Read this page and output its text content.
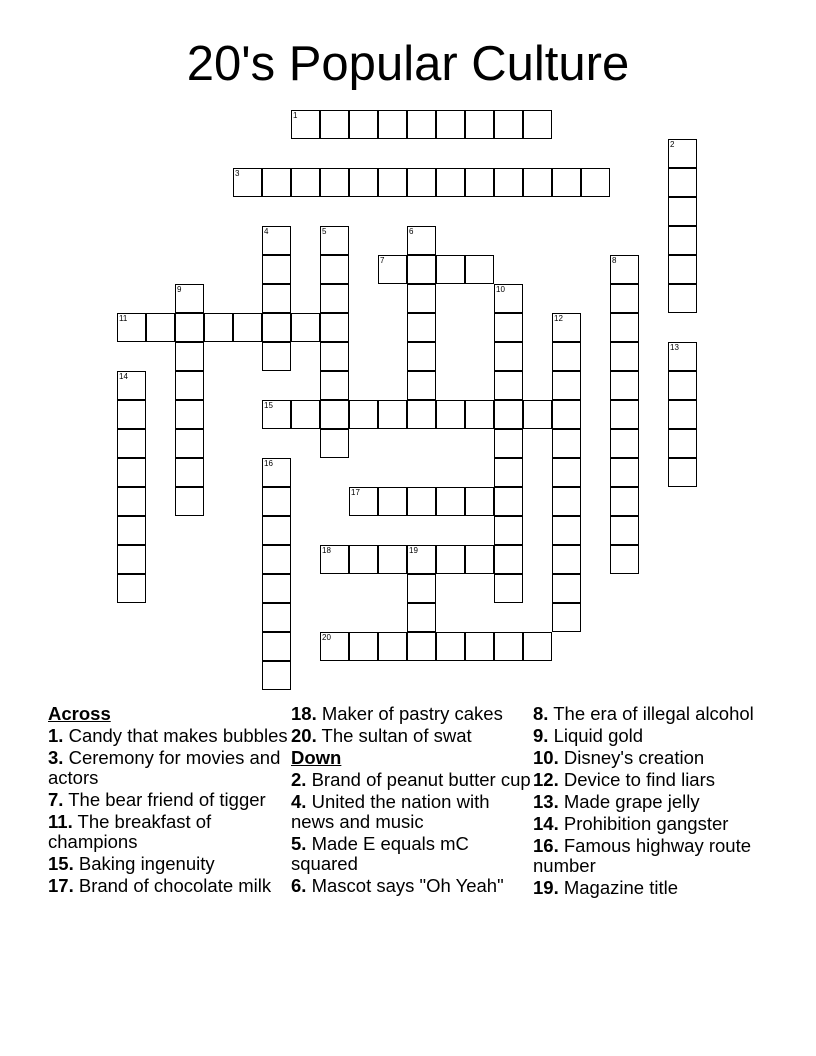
20's Popular Culture
1
3
7
11
15
17
18	19
20
2
4	5	6
8
9	10
12
13
14
16
Across
1. Candy that makes bubbles
3. Ceremony for movies and actors
7. The bear friend of tigger
11. The breakfast of champions
15. Baking ingenuity
17. Brand of chocolate milk
18. Maker of pastry cakes
20. The sultan of swat
Down
2. Brand of peanut butter cup
4. United the nation with news and music
5. Made E equals mC squared
6. Mascot says "Oh Yeah"
8. The era of illegal alcohol
9. Liquid gold
10. Disney's creation
12. Device to find liars
13. Made grape jelly
14. Prohibition gangster
16. Famous highway route number
19. Magazine title
